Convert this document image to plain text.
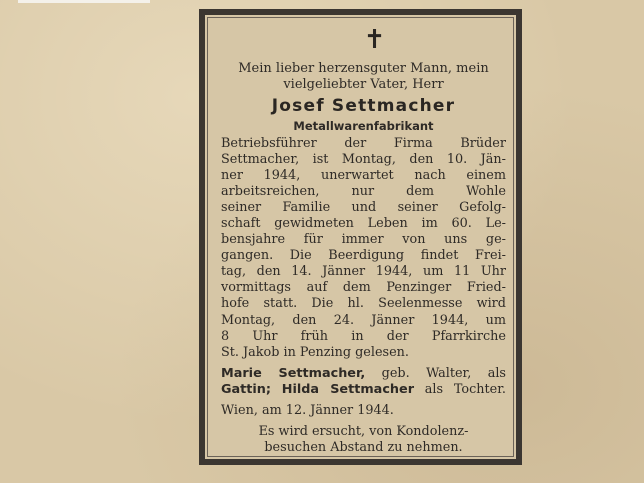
✝
Mein lieber herzensguter Mann, mein
vielgeliebter Vater, Herr
Josef Settmacher
Metallwarenfabrikant
Betriebsführer der Firma Brüder
Settmacher, ist Montag, den 10. Jän-
ner 1944, unerwartet nach einem
arbeitsreichen, nur dem Wohle
seiner Familie und seiner Gefolg-
schaft gewidmeten Leben im 60. Le-
bensjahre für immer von uns ge-
gangen. Die Beerdigung findet Frei-
tag, den 14. Jänner 1944, um 11 Uhr
vormittags auf dem Penzinger Fried-
hofe statt. Die hl. Seelenmesse wird
Montag, den 24. Jänner 1944, um
8 Uhr früh in der Pfarrkirche
St. Jakob in Penzing gelesen.
Marie Settmacher, geb. Walter, als
Gattin; Hilda Settmacher als Tochter.
Wien, am 12. Jänner 1944.
Es wird ersucht, von Kondolenz-
besuchen Abstand zu nehmen.
